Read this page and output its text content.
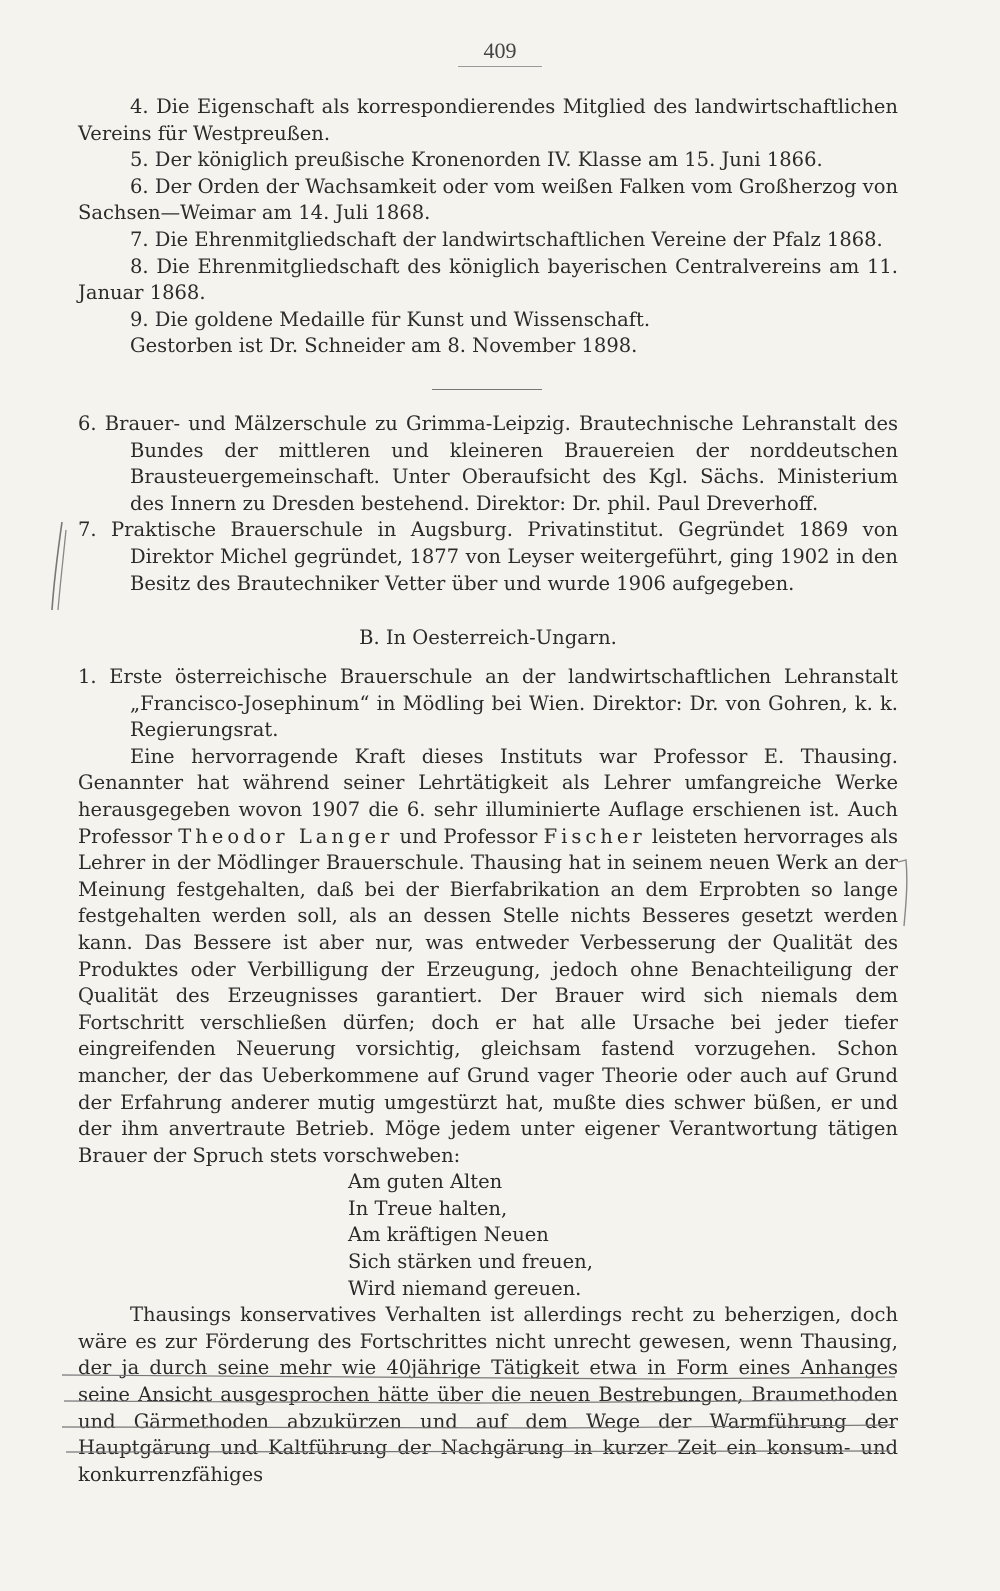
409

4. Die Eigenschaft als korrespondierendes Mitglied des landwirtschaftlichen Vereins für Westpreußen.

5. Der königlich preußische Kronenorden IV. Klasse am 15. Juni 1866.

6. Der Orden der Wachsamkeit oder vom weißen Falken vom Großherzog von Sachsen—Weimar am 14. Juli 1868.

7. Die Ehrenmitgliedschaft der landwirtschaftlichen Vereine der Pfalz 1868.

8. Die Ehrenmitgliedschaft des königlich bayerischen Centralvereins am 11. Januar 1868.

9. Die goldene Medaille für Kunst und Wissenschaft.

Gestorben ist Dr. Schneider am 8. November 1898.

6. Brauer- und Mälzerschule zu Grimma-Leipzig. Brautechnische Lehranstalt des Bundes der mittleren und kleineren Brauereien der norddeutschen Brausteuergemeinschaft. Unter Oberaufsicht des Kgl. Sächs. Ministerium des Innern zu Dresden bestehend. Direktor: Dr. phil. Paul Dreverhoff.

7. Praktische Brauerschule in Augsburg. Privatinstitut. Gegründet 1869 von Direktor Michel gegründet, 1877 von Leyser weitergeführt, ging 1902 in den Besitz des Brautechniker Vetter über und wurde 1906 aufgegeben.

B. In Oesterreich-Ungarn.

1. Erste österreichische Brauerschule an der landwirtschaftlichen Lehranstalt „Francisco-Josephinum“ in Mödling bei Wien. Direktor: Dr. von Gohren, k. k. Regierungsrat.

Eine hervorragende Kraft dieses Instituts war Professor E. Thausing. Genannter hat während seiner Lehrtätigkeit als Lehrer umfangreiche Werke herausgegeben wovon 1907 die 6. sehr illuminierte Auflage erschienen ist. Auch Professor Theodor Langer und Professor Fischer leisteten hervorrages als Lehrer in der Mödlinger Brauerschule. Thausing hat in seinem neuen Werk an der Meinung festgehalten, daß bei der Bierfabrikation an dem Erprobten so lange festgehalten werden soll, als an dessen Stelle nichts Besseres gesetzt werden kann. Das Bessere ist aber nur, was entweder Verbesserung der Qualität des Produktes oder Verbilligung der Erzeugung, jedoch ohne Benachteiligung der Qualität des Erzeugnisses garantiert. Der Brauer wird sich niemals dem Fortschritt verschließen dürfen; doch er hat alle Ursache bei jeder tiefer eingreifenden Neuerung vorsichtig, gleichsam fastend vorzugehen. Schon mancher, der das Ueberkommene auf Grund vager Theorie oder auch auf Grund der Erfahrung anderer mutig umgestürzt hat, mußte dies schwer büßen, er und der ihm anvertraute Betrieb. Möge jedem unter eigener Verantwortung tätigen Brauer der Spruch stets vorschweben:

Am guten Alten
In Treue halten,
Am kräftigen Neuen
Sich stärken und freuen,
Wird niemand gereuen.

Thausings konservatives Verhalten ist allerdings recht zu beherzigen, doch wäre es zur Förderung des Fortschrittes nicht unrecht gewesen, wenn Thausing, der ja durch seine mehr wie 40jährige Tätigkeit etwa in Form eines Anhanges seine Ansicht ausgesprochen hätte über die neuen Bestrebungen, Braumethoden und Gärmethoden abzukürzen und auf dem Wege der Warmführung der Hauptgärung und Kaltführung der Nachgärung in kurzer Zeit ein konsum- und konkurrenzfähiges
